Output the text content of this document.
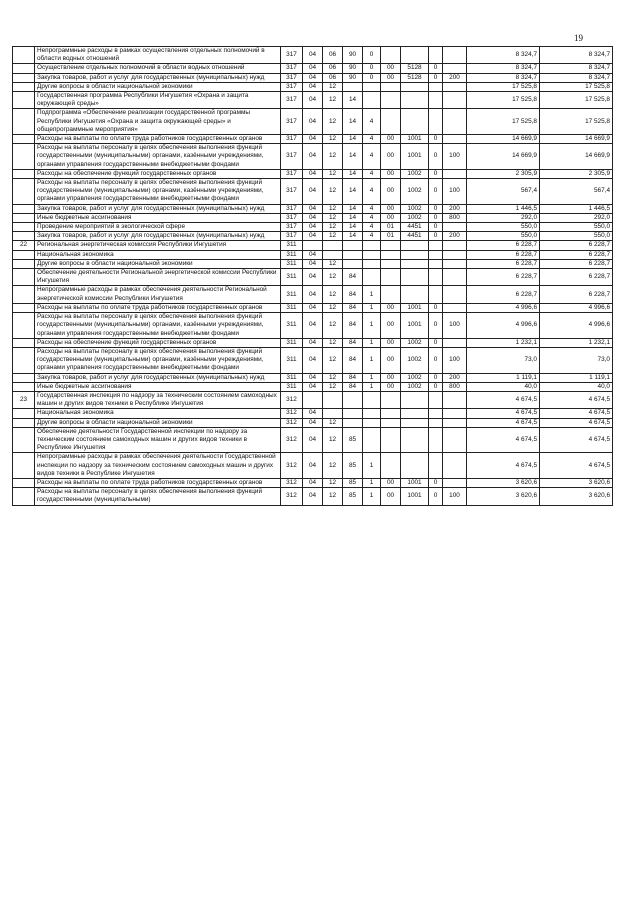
19
	Непрограммные расходы в рамках осуществления отдельных полномочий в области водных отношений	317	04	06	90	0					8 324,7	8 324,7
	Осуществление отдельных полномочий в области водных отношений	317	04	06	90	0	00	5128	0		8 324,7	8 324,7
	Закупка товаров, работ и услуг для государственных (муниципальных) нужд	317	04	06	90	0	00	5128	0	200	8 324,7	8 324,7
	Другие вопросы в области национальной экономики	317	04	12							17 525,8	17 525,8
	Государственная программа Республики Ингушетия «Охрана и защита окружающей среды»	317	04	12	14						17 525,8	17 525,8
	Подпрограмма «Обеспечение реализации государственной программы Республики Ингушетия «Охрана и защита окружающей среды» и общепрограммные мероприятия»	317	04	12	14	4					17 525,8	17 525,8
	Расходы на выплаты по оплате труда работников государственных органов	317	04	12	14	4	00	1001	0		14 669,9	14 669,9
	Расходы на выплаты персоналу в целях обеспечения выполнения функций государственными (муниципальными) органами, казёнными учреждениями, органами управления государственными внебюджетными фондами	317	04	12	14	4	00	1001	0	100	14 669,9	14 669,9
	Расходы на обеспечение функций государственных органов	317	04	12	14	4	00	1002	0		2 305,9	2 305,9
	Расходы на выплаты персоналу в целях обеспечения выполнения функций государственными (муниципальными) органами, казёнными учреждениями, органами управления государственными внебюджетными фондами	317	04	12	14	4	00	1002	0	100	567,4	567,4
	Закупка товаров, работ и услуг для государственных (муниципальных) нужд	317	04	12	14	4	00	1002	0	200	1 446,5	1 446,5
	Иные бюджетные ассигнования	317	04	12	14	4	00	1002	0	800	292,0	292,0
	Проведение мероприятий в экологической сфере	317	04	12	14	4	01	4451	0		550,0	550,0
	Закупка товаров, работ и услуг для государственных (муниципальных) нужд	317	04	12	14	4	01	4451	0	200	550,0	550,0
22	Региональная энергетическая комиссия Республики Ингушетия	311									6 228,7	6 228,7
	Национальная экономика	311	04								6 228,7	6 228,7
	Другие вопросы в области национальной экономики	311	04	12							6 228,7	6 228,7
	Обеспечение деятельности Региональной энергетической комиссии Республики Ингушетия	311	04	12	84						6 228,7	6 228,7
	Непрограммные расходы в рамках обеспечения деятельности Региональной энергетической комиссии Республики Ингушетия	311	04	12	84	1					6 228,7	6 228,7
	Расходы на выплаты по оплате труда работников государственных органов	311	04	12	84	1	00	1001	0		4 996,6	4 996,6
	Расходы на выплаты персоналу в целях обеспечения выполнения функций государственными (муниципальными) органами, казёнными учреждениями, органами управления государственными внебюджетными фондами	311	04	12	84	1	00	1001	0	100	4 996,6	4 996,6
	Расходы на обеспечение функций государственных органов	311	04	12	84	1	00	1002	0		1 232,1	1 232,1
	Расходы на выплаты персоналу в целях обеспечения выполнения функций государственными (муниципальными) органами, казёнными учреждениями, органами управления государственными внебюджетными фондами	311	04	12	84	1	00	1002	0	100	73,0	73,0
	Закупка товаров, работ и услуг для государственных (муниципальных) нужд	311	04	12	84	1	00	1002	0	200	1 119,1	1 119,1
	Иные бюджетные ассигнования	311	04	12	84	1	00	1002	0	800	40,0	40,0
23	Государственная инспекция по надзору за техническим состоянием самоходных машин и других видов техники в Республике Ингушетия	312									4 674,5	4 674,5
	Национальная экономика	312	04								4 674,5	4 674,5
	Другие вопросы в области национальной экономики	312	04	12							4 674,5	4 674,5
	Обеспечение деятельности Государственной инспекции по надзору за техническим состоянием самоходных машин и других видов техники в Республике Ингушетия	312	04	12	85						4 674,5	4 674,5
	Непрограммные расходы в рамках обеспечения деятельности Государственной инспекции по надзору за техническим состоянием самоходных машин и других видов техники в Республике Ингушетия	312	04	12	85	1					4 674,5	4 674,5
	Расходы на выплаты по оплате труда работников государственных органов	312	04	12	85	1	00	1001	0		3 620,6	3 620,6
	Расходы на выплаты персоналу в целях обеспечения выполнения функций государственными (муниципальными)	312	04	12	85	1	00	1001	0	100	3 620,6	3 620,6
